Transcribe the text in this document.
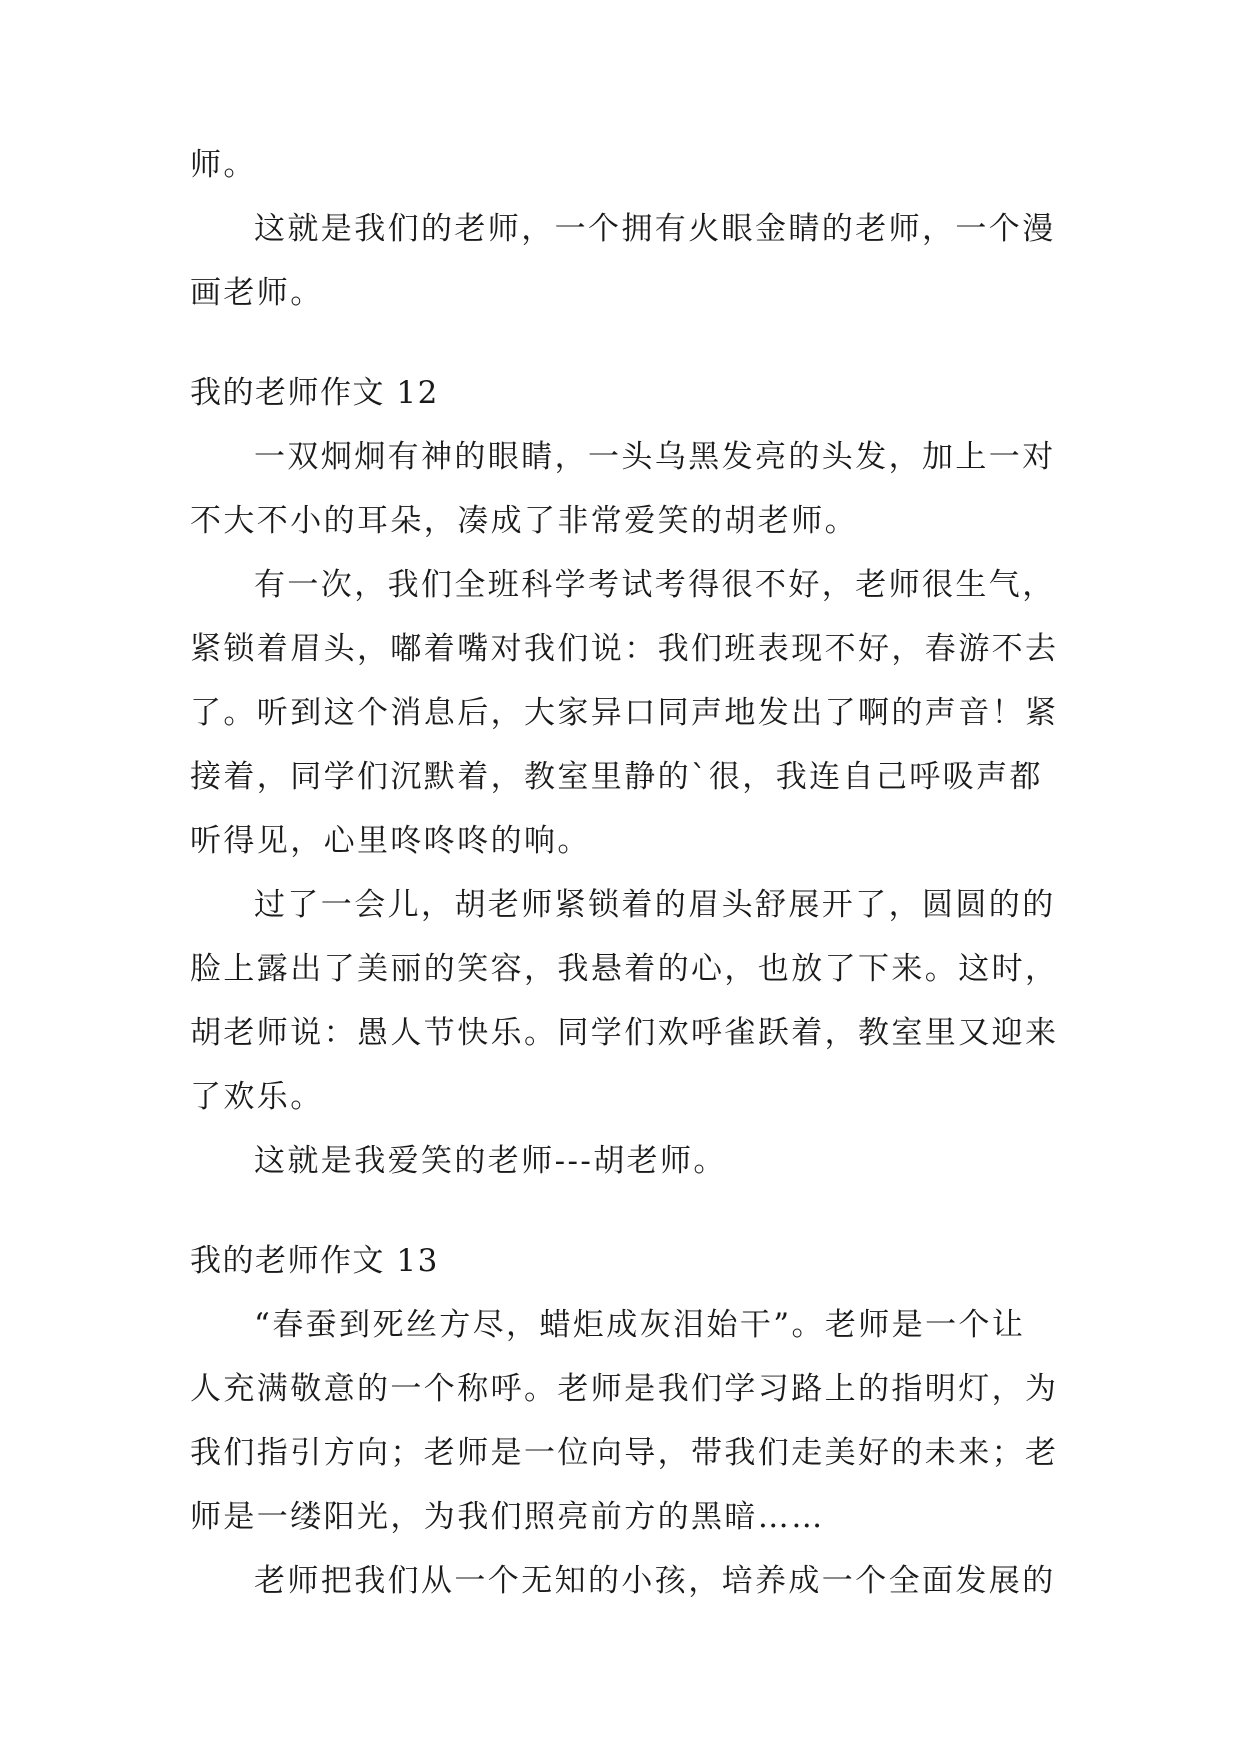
师。
这就是我们的老师，一个拥有火眼金睛的老师，一个漫
画老师。
我的老师作文 12
一双炯炯有神的眼睛，一头乌黑发亮的头发，加上一对
不大不小的耳朵，凑成了非常爱笑的胡老师。
有一次，我们全班科学考试考得很不好，老师很生气，
紧锁着眉头，嘟着嘴对我们说：我们班表现不好，春游不去
了。听到这个消息后，大家异口同声地发出了啊的声音！紧
接着，同学们沉默着，教室里静的`很，我连自己呼吸声都
听得见，心里咚咚咚的响。
过了一会儿，胡老师紧锁着的眉头舒展开了，圆圆的的
脸上露出了美丽的笑容，我悬着的心，也放了下来。这时，
胡老师说：愚人节快乐。同学们欢呼雀跃着，教室里又迎来
了欢乐。
这就是我爱笑的老师---胡老师。
我的老师作文 13
“春蚕到死丝方尽，蜡炬成灰泪始干”。老师是一个让
人充满敬意的一个称呼。老师是我们学习路上的指明灯，为
我们指引方向；老师是一位向导，带我们走美好的未来；老
师是一缕阳光，为我们照亮前方的黑暗……
老师把我们从一个无知的小孩，培养成一个全面发展的
